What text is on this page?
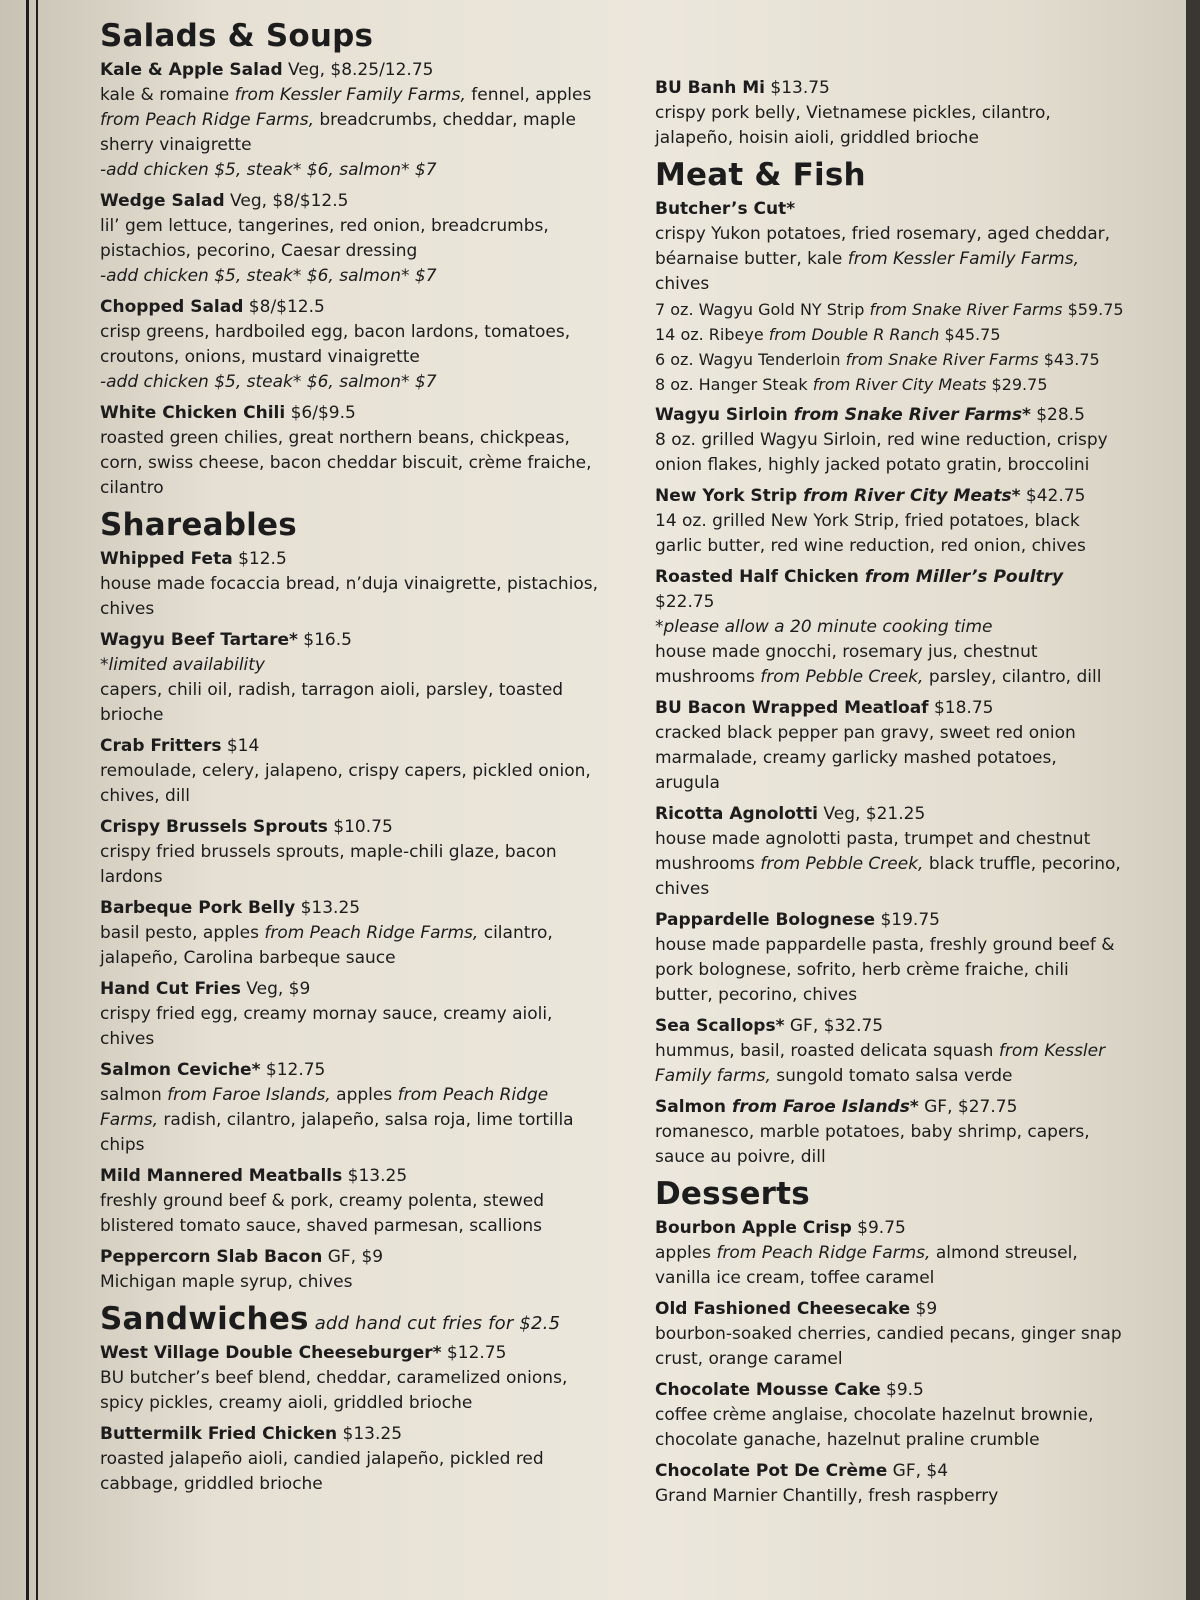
Salads & Soups
Kale & Apple Salad Veg, $8.25/12.75
kale & romaine from Kessler Family Farms, fennel, apples from Peach Ridge Farms, breadcrumbs, cheddar, maple sherry vinaigrette
-add chicken $5, steak* $6, salmon* $7
Wedge Salad Veg, $8/$12.5
lil’ gem lettuce, tangerines, red onion, breadcrumbs, pistachios, pecorino, Caesar dressing
-add chicken $5, steak* $6, salmon* $7
Chopped Salad $8/$12.5
crisp greens, hardboiled egg, bacon lardons, tomatoes, croutons, onions, mustard vinaigrette
-add chicken $5, steak* $6, salmon* $7
White Chicken Chili $6/$9.5
roasted green chilies, great northern beans, chickpeas, corn, swiss cheese, bacon cheddar biscuit, crème fraiche, cilantro
Shareables
Whipped Feta $12.5
house made focaccia bread, n’duja vinaigrette, pistachios, chives
Wagyu Beef Tartare* $16.5
*limited availability
capers, chili oil, radish, tarragon aioli, parsley, toasted brioche
Crab Fritters $14
remoulade, celery, jalapeno, crispy capers, pickled onion, chives, dill
Crispy Brussels Sprouts $10.75
crispy fried brussels sprouts, maple-chili glaze, bacon lardons
Barbeque Pork Belly $13.25
basil pesto, apples from Peach Ridge Farms, cilantro, jalapeño, Carolina barbeque sauce
Hand Cut Fries Veg, $9
crispy fried egg, creamy mornay sauce, creamy aioli, chives
Salmon Ceviche* $12.75
salmon from Faroe Islands, apples from Peach Ridge Farms, radish, cilantro, jalapeño, salsa roja, lime tortilla chips
Mild Mannered Meatballs $13.25
freshly ground beef & pork, creamy polenta, stewed blistered tomato sauce, shaved parmesan, scallions
Peppercorn Slab Bacon GF, $9
Michigan maple syrup, chives
Sandwiches add hand cut fries for $2.5
West Village Double Cheeseburger* $12.75
BU butcher’s beef blend, cheddar, caramelized onions, spicy pickles, creamy aioli, griddled brioche
Buttermilk Fried Chicken $13.25
roasted jalapeño aioli, candied jalapeño, pickled red cabbage, griddled brioche
BU Banh Mi $13.75
crispy pork belly, Vietnamese pickles, cilantro, jalapeño, hoisin aioli, griddled brioche
Meat & Fish
Butcher’s Cut*
crispy Yukon potatoes, fried rosemary, aged cheddar, béarnaise butter, kale from Kessler Family Farms, chives
7 oz. Wagyu Gold NY Strip from Snake River Farms $59.75
14 oz. Ribeye from Double R Ranch $45.75
6 oz. Wagyu Tenderloin from Snake River Farms $43.75
8 oz. Hanger Steak from River City Meats $29.75
Wagyu Sirloin from Snake River Farms* $28.5
8 oz. grilled Wagyu Sirloin, red wine reduction, crispy onion flakes, highly jacked potato gratin, broccolini
New York Strip from River City Meats* $42.75
14 oz. grilled New York Strip, fried potatoes, black garlic butter, red wine reduction, red onion, chives
Roasted Half Chicken from Miller’s Poultry $22.75
*please allow a 20 minute cooking time
house made gnocchi, rosemary jus, chestnut mushrooms from Pebble Creek, parsley, cilantro, dill
BU Bacon Wrapped Meatloaf $18.75
cracked black pepper pan gravy, sweet red onion marmalade, creamy garlicky mashed potatoes, arugula
Ricotta Agnolotti Veg, $21.25
house made agnolotti pasta, trumpet and chestnut mushrooms from Pebble Creek, black truffle, pecorino, chives
Pappardelle Bolognese $19.75
house made pappardelle pasta, freshly ground beef & pork bolognese, sofrito, herb crème fraiche, chili butter, pecorino, chives
Sea Scallops* GF, $32.75
hummus, basil, roasted delicata squash from Kessler Family farms, sungold tomato salsa verde
Salmon from Faroe Islands* GF, $27.75
romanesco, marble potatoes, baby shrimp, capers, sauce au poivre, dill
Desserts
Bourbon Apple Crisp $9.75
apples from Peach Ridge Farms, almond streusel, vanilla ice cream, toffee caramel
Old Fashioned Cheesecake $9
bourbon-soaked cherries, candied pecans, ginger snap crust, orange caramel
Chocolate Mousse Cake $9.5
coffee crème anglaise, chocolate hazelnut brownie, chocolate ganache, hazelnut praline crumble
Chocolate Pot De Crème GF, $4
Grand Marnier Chantilly, fresh raspberry
